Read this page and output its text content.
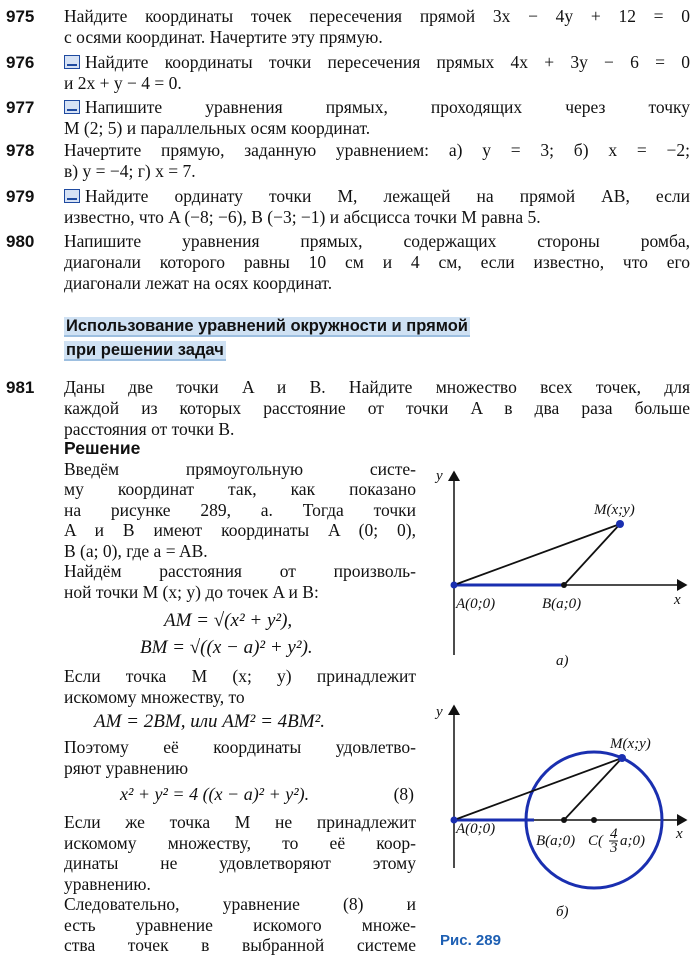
975 Найдите координаты точек пересечения прямой 3x − 4y + 12 = 0
с осями координат. Начертите эту прямую.
976	Найдите координаты точки пересечения прямых 4x + 3y − 6 = 0
и 2x + y − 4 = 0.
977	Напишите уравнения прямых, проходящих через точку
M (2; 5) и параллельных осям координат.
978 Начертите прямую, заданную уравнением: а) y = 3; б) x = −2;
в) y = −4; г) x = 7.
979	Найдите ординату точки M, лежащей на прямой AB, если
известно, что A (−8; −6), B (−3; −1) и абсцисса точки M равна 5.
980 Напишите уравнения прямых, содержащих стороны ромба,
диагонали которого равны 10 см и 4 см, если известно, что его
диагонали лежат на осях координат.
Использование уравнений окружности и прямой
при решении задач
981 Даны две точки A и B. Найдите множество всех точек, для
каждой из которых расстояние от точки A в два раза больше
расстояния от точки B.
Решение
Введём прямоугольную систе-
му координат так, как показано
на рисунке 289, а. Тогда точки
A и B имеют координаты A (0; 0),
B (a; 0), где a = AB.
Найдём расстояния от произволь-
ной точки M (x; y) до точек A и B:
AM = √(x² + y²),
BM = √((x − a)² + y²).
Если точка M (x; y) принадлежит
искомому множеству, то
AM = 2BM, или AM² = 4BM².
Поэтому её координаты удовлетво-
ряют уравнению
x² + y² = 4 ((x − a)² + y²).	(8)
Если же точка M не принадлежит
искомому множеству, то её коор-
динаты не удовлетворяют этому
уравнению.
Следовательно, уравнение (8) и
есть уравнение искомого множе-
ства точек в выбранной системе
y
x
A(0;0)	B(a;0)
M(x;y)
а)
y
x
A(0;0)
B(a;0) C( 4
3 a;0)
M(x;y)
б)
Рис. 289
